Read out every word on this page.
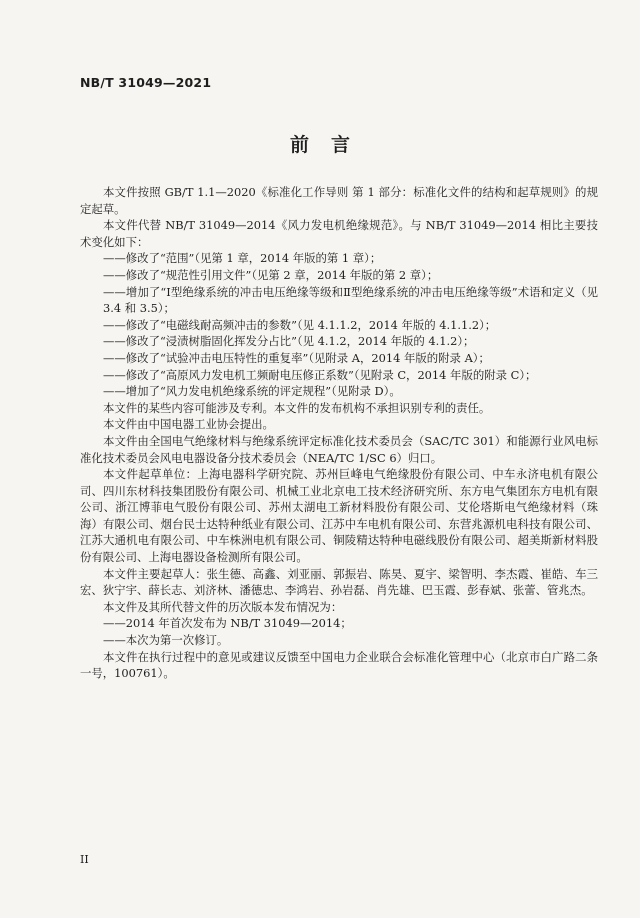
NB/T 31049—2021
前言

本文件按照 GB/T 1.1—2020《标准化工作导则 第 1 部分：标准化文件的结构和起草规则》的规定起草。

本文件代替 NB/T 31049—2014《风力发电机绝缘规范》。与 NB/T 31049—2014 相比主要技术变化如下：

——修改了“范围”（见第 1 章，2014 年版的第 1 章）；

——修改了“规范性引用文件”（见第 2 章，2014 年版的第 2 章）；

——增加了“Ⅰ型绝缘系统的冲击电压绝缘等级和Ⅱ型绝缘系统的冲击电压绝缘等级”术语和定义（见 3.4 和 3.5）；

——修改了“电磁线耐高频冲击的参数”（见 4.1.1.2，2014 年版的 4.1.1.2）；

——修改了“浸渍树脂固化挥发分占比”（见 4.1.2，2014 年版的 4.1.2）；

——修改了“试验冲击电压特性的重复率”（见附录 A，2014 年版的附录 A）；

——修改了“高原风力发电机工频耐电压修正系数”（见附录 C，2014 年版的附录 C）；

——增加了“风力发电机绝缘系统的评定规程”（见附录 D）。

本文件的某些内容可能涉及专利。本文件的发布机构不承担识别专利的责任。

本文件由中国电器工业协会提出。

本文件由全国电气绝缘材料与绝缘系统评定标准化技术委员会（SAC/TC 301）和能源行业风电标准化技术委员会风电电器设备分技术委员会（NEA/TC 1/SC 6）归口。

本文件起草单位：上海电器科学研究院、苏州巨峰电气绝缘股份有限公司、中车永济电机有限公司、四川东材科技集团股份有限公司、机械工业北京电工技术经济研究所、东方电气集团东方电机有限公司、浙江博菲电气股份有限公司、苏州太湖电工新材料股份有限公司、艾伦塔斯电气绝缘材料（珠海）有限公司、烟台民士达特种纸业有限公司、江苏中车电机有限公司、东营兆源机电科技有限公司、江苏大通机电有限公司、中车株洲电机有限公司、铜陵精达特种电磁线股份有限公司、超美斯新材料股份有限公司、上海电器设备检测所有限公司。

本文件主要起草人：张生德、高鑫、刘亚丽、郭振岩、陈昊、夏宇、梁智明、李杰霞、崔皓、车三宏、狄宁宇、薛长志、刘济林、潘德忠、李鸿岩、孙岩磊、肖先雄、巴玉霞、彭春斌、张蕾、管兆杰。

本文件及其所代替文件的历次版本发布情况为：

——2014 年首次发布为 NB/T 31049—2014；

——本次为第一次修订。

本文件在执行过程中的意见或建议反馈至中国电力企业联合会标准化管理中心（北京市白广路二条一号，100761）。

II
